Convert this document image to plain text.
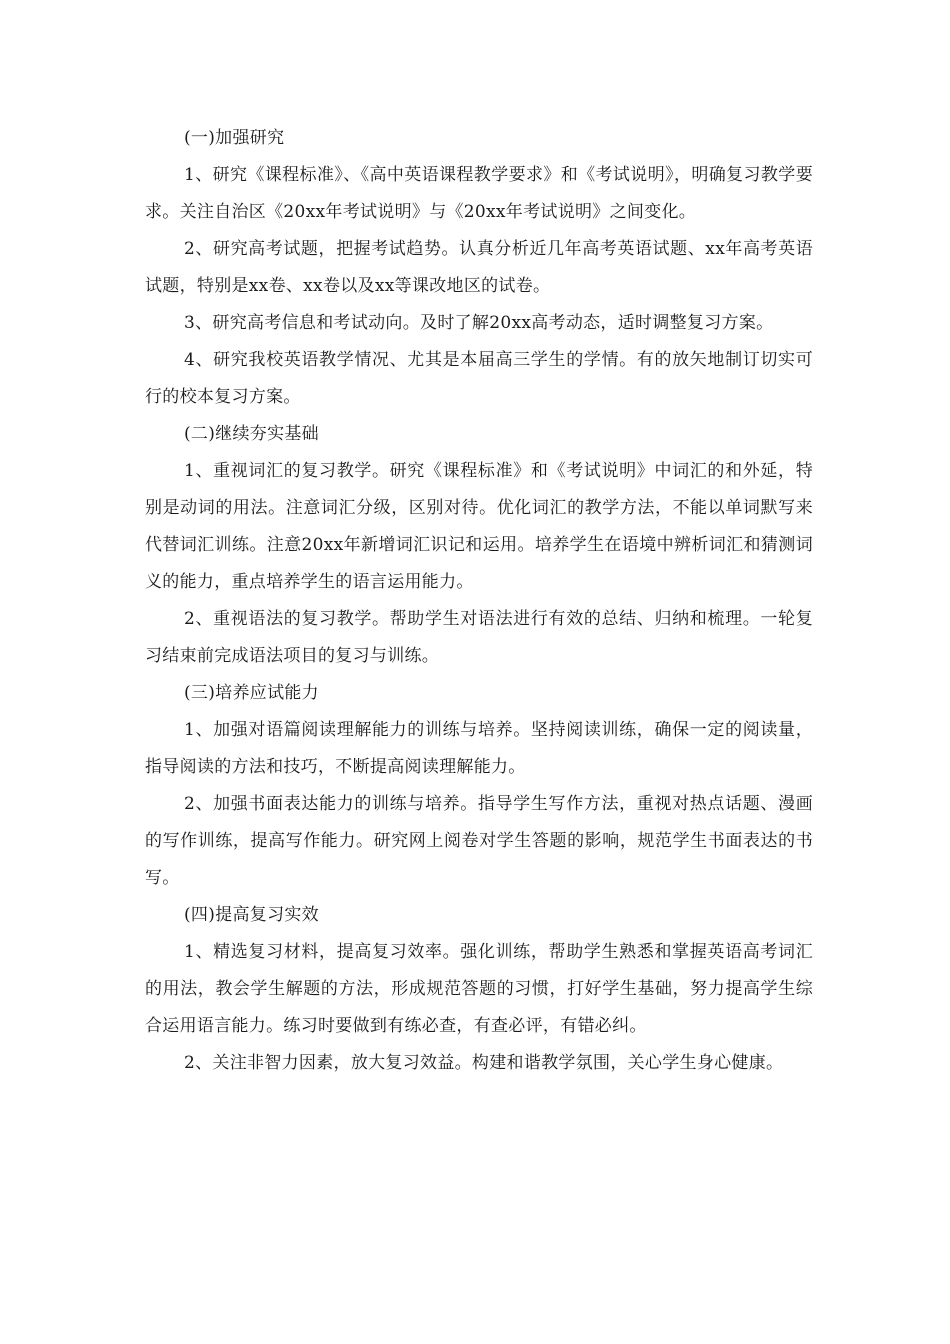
(一)加强研究

1、研究《课程标准》、《高中英语课程教学要求》和《考试说明》，明确复习教学要求。关注自治区《20xx年考试说明》与《20xx年考试说明》之间变化。

2、研究高考试题，把握考试趋势。认真分析近几年高考英语试题、xx年高考英语试题，特别是xx卷、xx卷以及xx等课改地区的试卷。

3、研究高考信息和考试动向。及时了解20xx高考动态，适时调整复习方案。

4、研究我校英语教学情况、尤其是本届高三学生的学情。有的放矢地制订切实可行的校本复习方案。

(二)继续夯实基础

1、重视词汇的复习教学。研究《课程标准》和《考试说明》中词汇的和外延，特别是动词的用法。注意词汇分级，区别对待。优化词汇的教学方法，不能以单词默写来代替词汇训练。注意20xx年新增词汇识记和运用。培养学生在语境中辨析词汇和猜测词义的能力，重点培养学生的语言运用能力。

2、重视语法的复习教学。帮助学生对语法进行有效的总结、归纳和梳理。一轮复习结束前完成语法项目的复习与训练。

(三)培养应试能力

1、加强对语篇阅读理解能力的训练与培养。坚持阅读训练，确保一定的阅读量，指导阅读的方法和技巧，不断提高阅读理解能力。

2、加强书面表达能力的训练与培养。指导学生写作方法，重视对热点话题、漫画的写作训练，提高写作能力。研究网上阅卷对学生答题的影响，规范学生书面表达的书写。

(四)提高复习实效

1、精选复习材料，提高复习效率。强化训练，帮助学生熟悉和掌握英语高考词汇的用法，教会学生解题的方法，形成规范答题的习惯，打好学生基础，努力提高学生综合运用语言能力。练习时要做到有练必查，有查必评，有错必纠。

2、关注非智力因素，放大复习效益。构建和谐教学氛围，关心学生身心健康。
